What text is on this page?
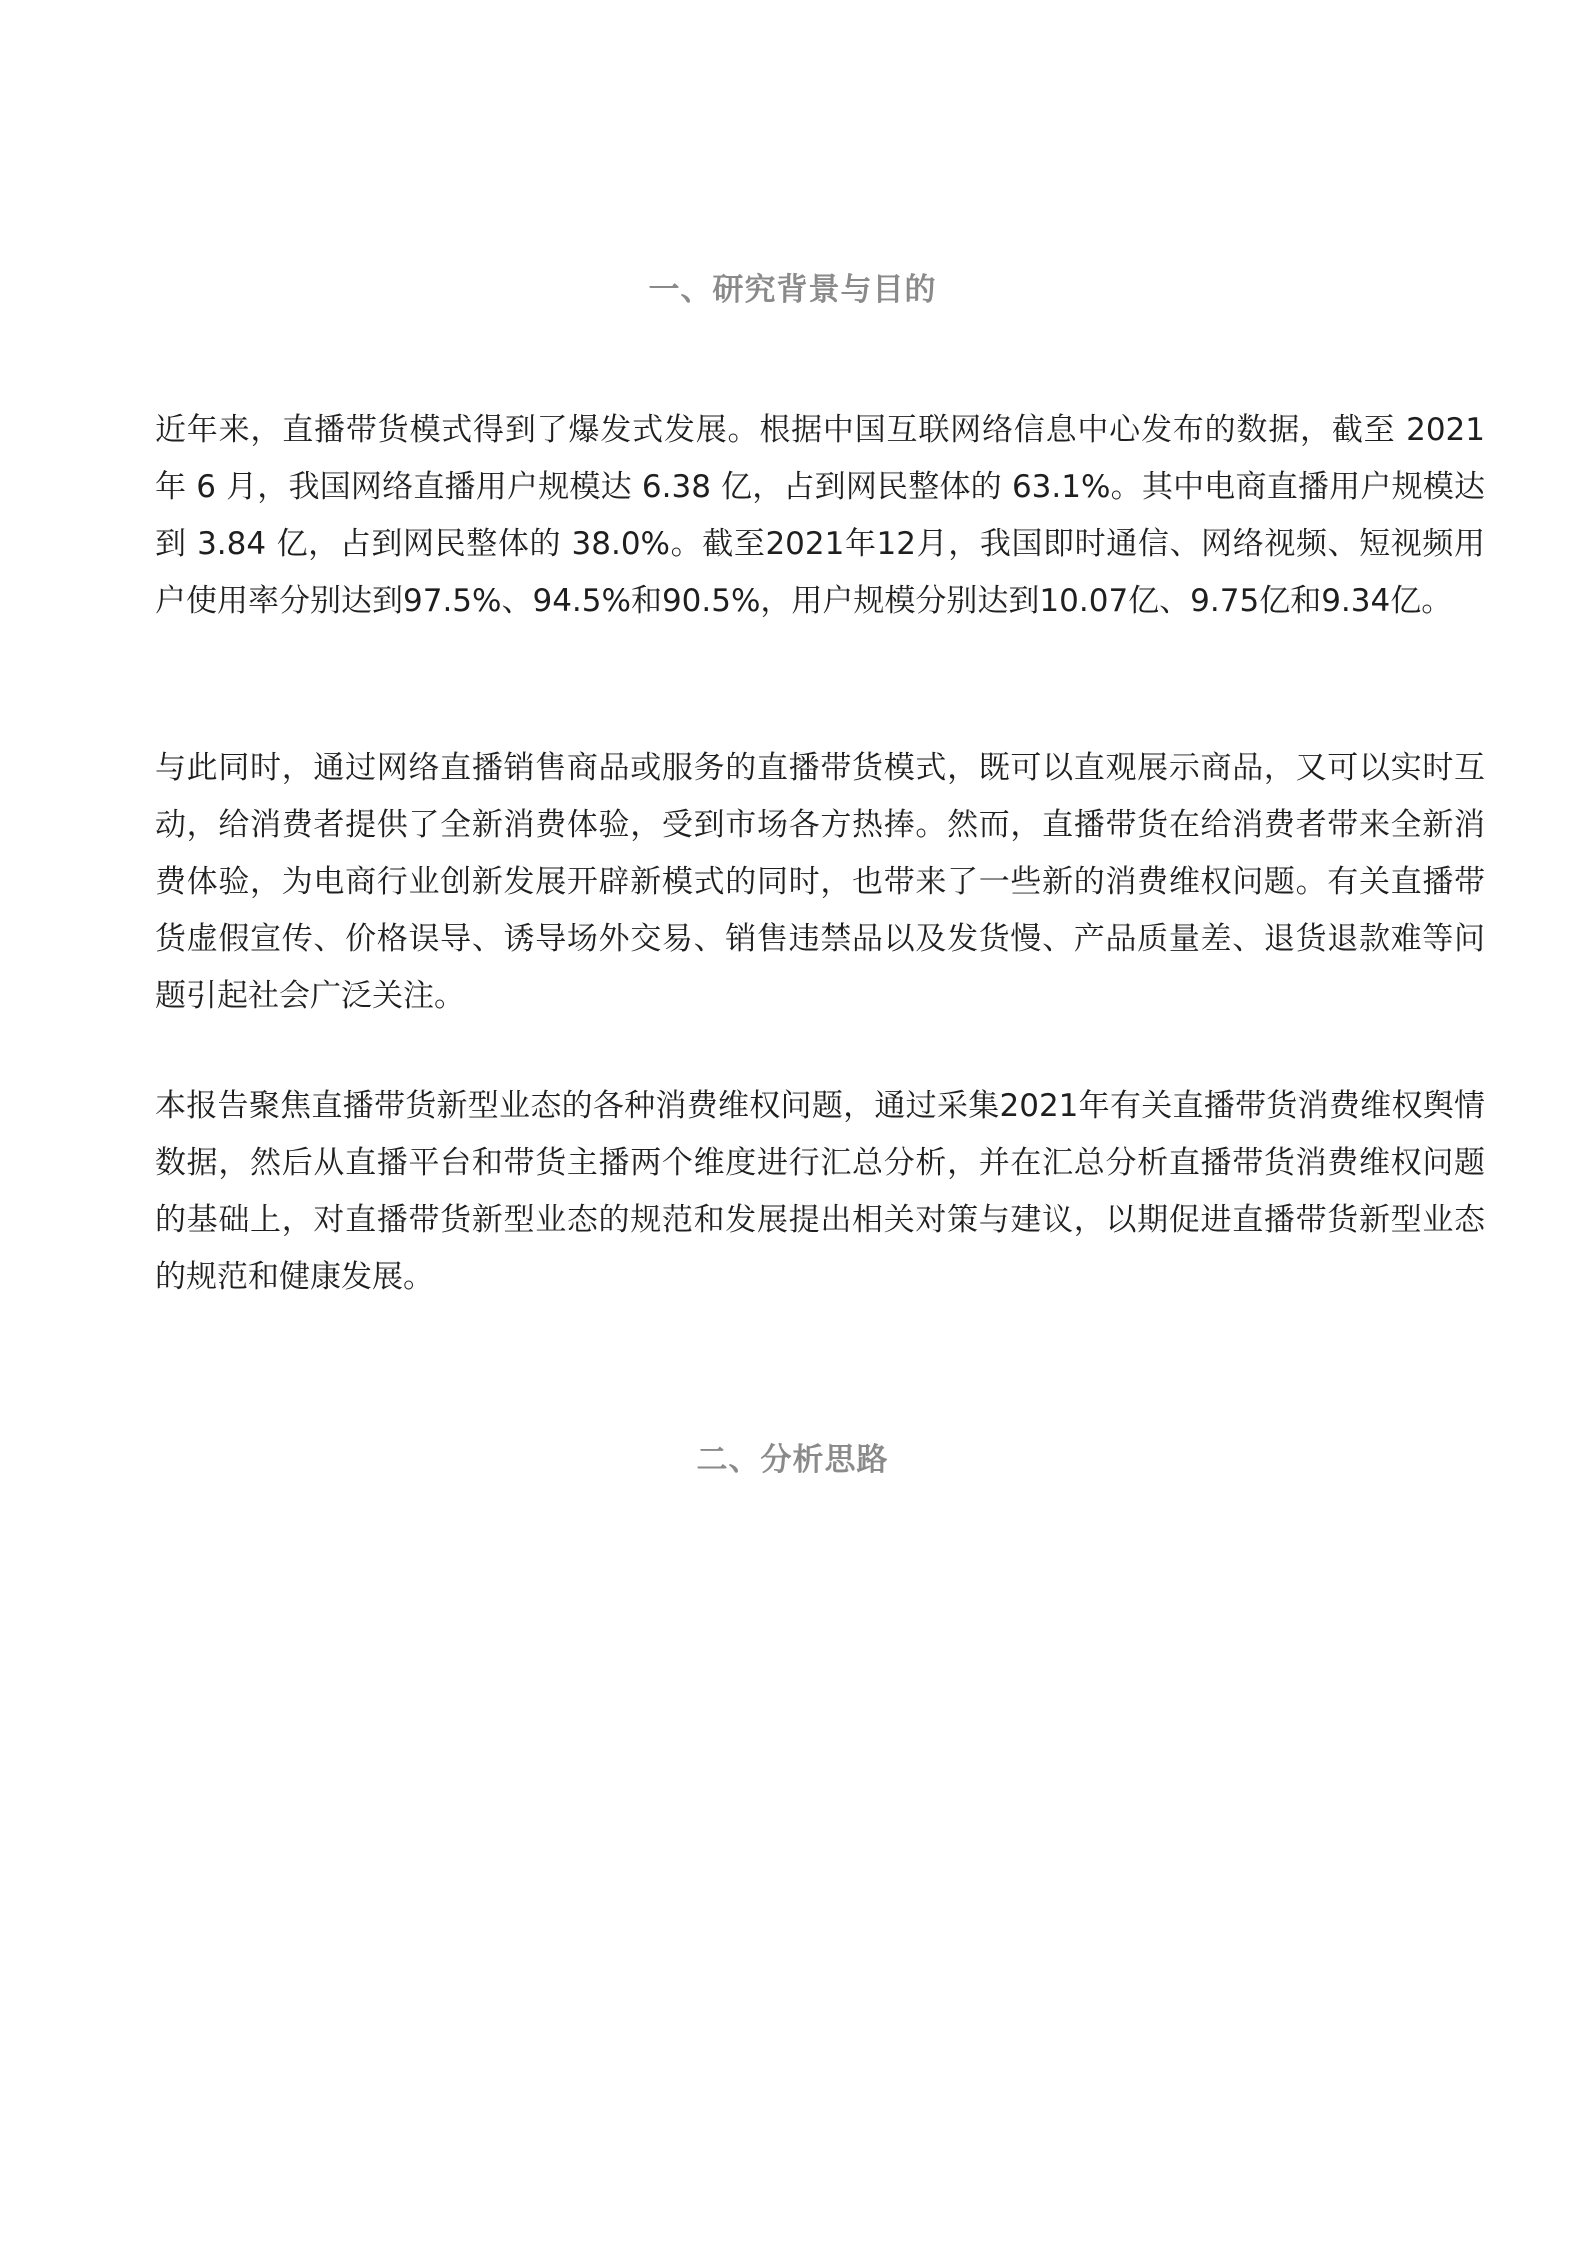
一、研究背景与目的

近年来，直播带货模式得到了爆发式发展。根据中国互联网络信息中心发布的数据，截至 2021 年 6 月，我国网络直播用户规模达 6.38 亿，占到网民整体的 63.1%。其中电商直播用户规模达到 3.84 亿，占到网民整体的 38.0%。截至2021年12月，我国即时通信、网络视频、短视频用户使用率分别达到97.5%、94.5%和90.5%，用户规模分别达到10.07亿、9.75亿和9.34亿。

与此同时，通过网络直播销售商品或服务的直播带货模式，既可以直观展示商品，又可以实时互动，给消费者提供了全新消费体验，受到市场各方热捧。然而，直播带货在给消费者带来全新消费体验，为电商行业创新发展开辟新模式的同时，也带来了一些新的消费维权问题。有关直播带货虚假宣传、价格误导、诱导场外交易、销售违禁品以及发货慢、产品质量差、退货退款难等问题引起社会广泛关注。

本报告聚焦直播带货新型业态的各种消费维权问题，通过采集2021年有关直播带货消费维权舆情数据，然后从直播平台和带货主播两个维度进行汇总分析，并在汇总分析直播带货消费维权问题的基础上，对直播带货新型业态的规范和发展提出相关对策与建议，以期促进直播带货新型业态的规范和健康发展。

二、分析思路
